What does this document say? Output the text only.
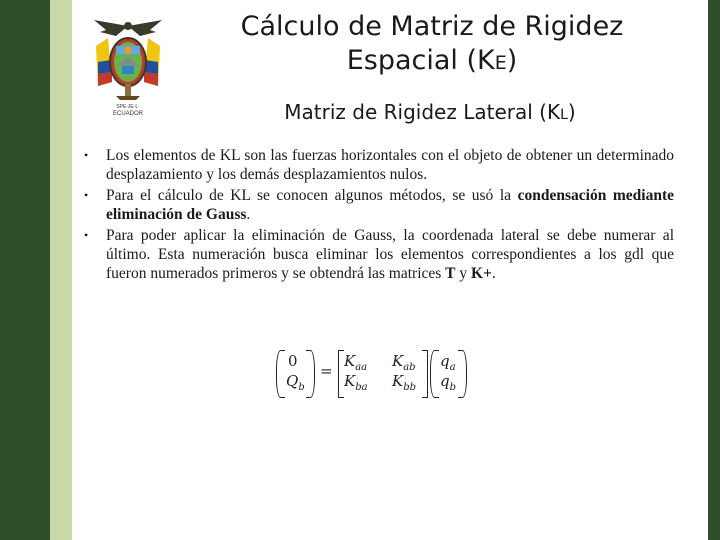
SPE·JE·L·
ECUADOR
Cálculo de Matriz de Rigidez
Espacial (KE)
Matriz de Rigidez Lateral (KL)
• Los elementos de KL son las fuerzas horizontales con el objeto de obtener un determinado desplazamiento y los demás desplazamientos nulos.
• Para el cálculo de KL se conocen algunos métodos, se usó la condensación mediante eliminación de Gauss.
• Para poder aplicar la eliminación de Gauss, la coordenada lateral se debe numerar al último. Esta numeración busca eliminar los elementos correspondientes a los gdl que fueron numerados primeros y se obtendrá las matrices T y K+.
0
$Q_b$
=
$K_{aa}$ $K_{ab}$
$K_{ba}$ $K_{bb}$
$q_a$
$q_b$
